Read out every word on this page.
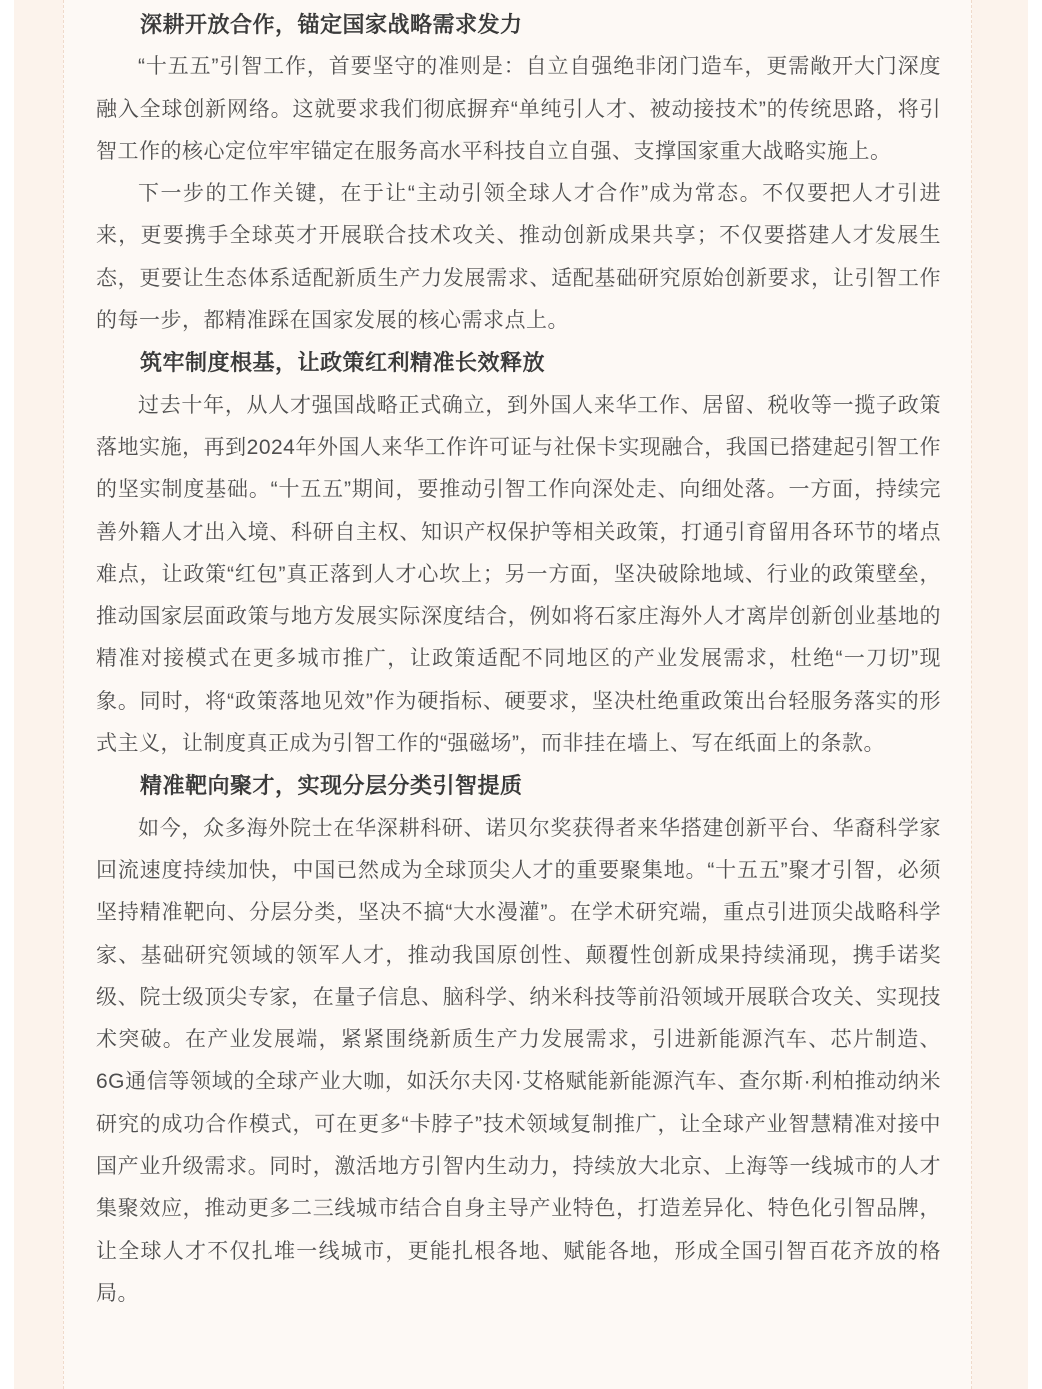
深耕开放合作，锚定国家战略需求发力

“十五五”引智工作，首要坚守的准则是：自立自强绝非闭门造车，更需敞开大门深度融入全球创新网络。这就要求我们彻底摒弃“单纯引人才、被动接技术”的传统思路，将引智工作的核心定位牢牢锚定在服务高水平科技自立自强、支撑国家重大战略实施上。

下一步的工作关键，在于让“主动引领全球人才合作”成为常态。不仅要把人才引进来，更要携手全球英才开展联合技术攻关、推动创新成果共享；不仅要搭建人才发展生态，更要让生态体系适配新质生产力发展需求、适配基础研究原始创新要求，让引智工作的每一步，都精准踩在国家发展的核心需求点上。

筑牢制度根基，让政策红利精准长效释放

过去十年，从人才强国战略正式确立，到外国人来华工作、居留、税收等一揽子政策落地实施，再到2024年外国人来华工作许可证与社保卡实现融合，我国已搭建起引智工作的坚实制度基础。“十五五”期间，要推动引智工作向深处走、向细处落。一方面，持续完善外籍人才出入境、科研自主权、知识产权保护等相关政策，打通引育留用各环节的堵点难点，让政策“红包”真正落到人才心坎上；另一方面，坚决破除地域、行业的政策壁垒，推动国家层面政策与地方发展实际深度结合，例如将石家庄海外人才离岸创新创业基地的精准对接模式在更多城市推广，让政策适配不同地区的产业发展需求，杜绝“一刀切”现象。同时，将“政策落地见效”作为硬指标、硬要求，坚决杜绝重政策出台轻服务落实的形式主义，让制度真正成为引智工作的“强磁场”，而非挂在墙上、写在纸面上的条款。

精准靶向聚才，实现分层分类引智提质

如今，众多海外院士在华深耕科研、诺贝尔奖获得者来华搭建创新平台、华裔科学家回流速度持续加快，中国已然成为全球顶尖人才的重要聚集地。“十五五”聚才引智，必须坚持精准靶向、分层分类，坚决不搞“大水漫灌”。在学术研究端，重点引进顶尖战略科学家、基础研究领域的领军人才，推动我国原创性、颠覆性创新成果持续涌现，携手诺奖级、院士级顶尖专家，在量子信息、脑科学、纳米科技等前沿领域开展联合攻关、实现技术突破。在产业发展端，紧紧围绕新质生产力发展需求，引进新能源汽车、芯片制造、6G通信等领域的全球产业大咖，如沃尔夫冈·艾格赋能新能源汽车、查尔斯·利柏推动纳米研究的成功合作模式，可在更多“卡脖子”技术领域复制推广，让全球产业智慧精准对接中国产业升级需求。同时，激活地方引智内生动力，持续放大北京、上海等一线城市的人才集聚效应，推动更多二三线城市结合自身主导产业特色，打造差异化、特色化引智品牌，让全球人才不仅扎堆一线城市，更能扎根各地、赋能各地，形成全国引智百花齐放的格局。
